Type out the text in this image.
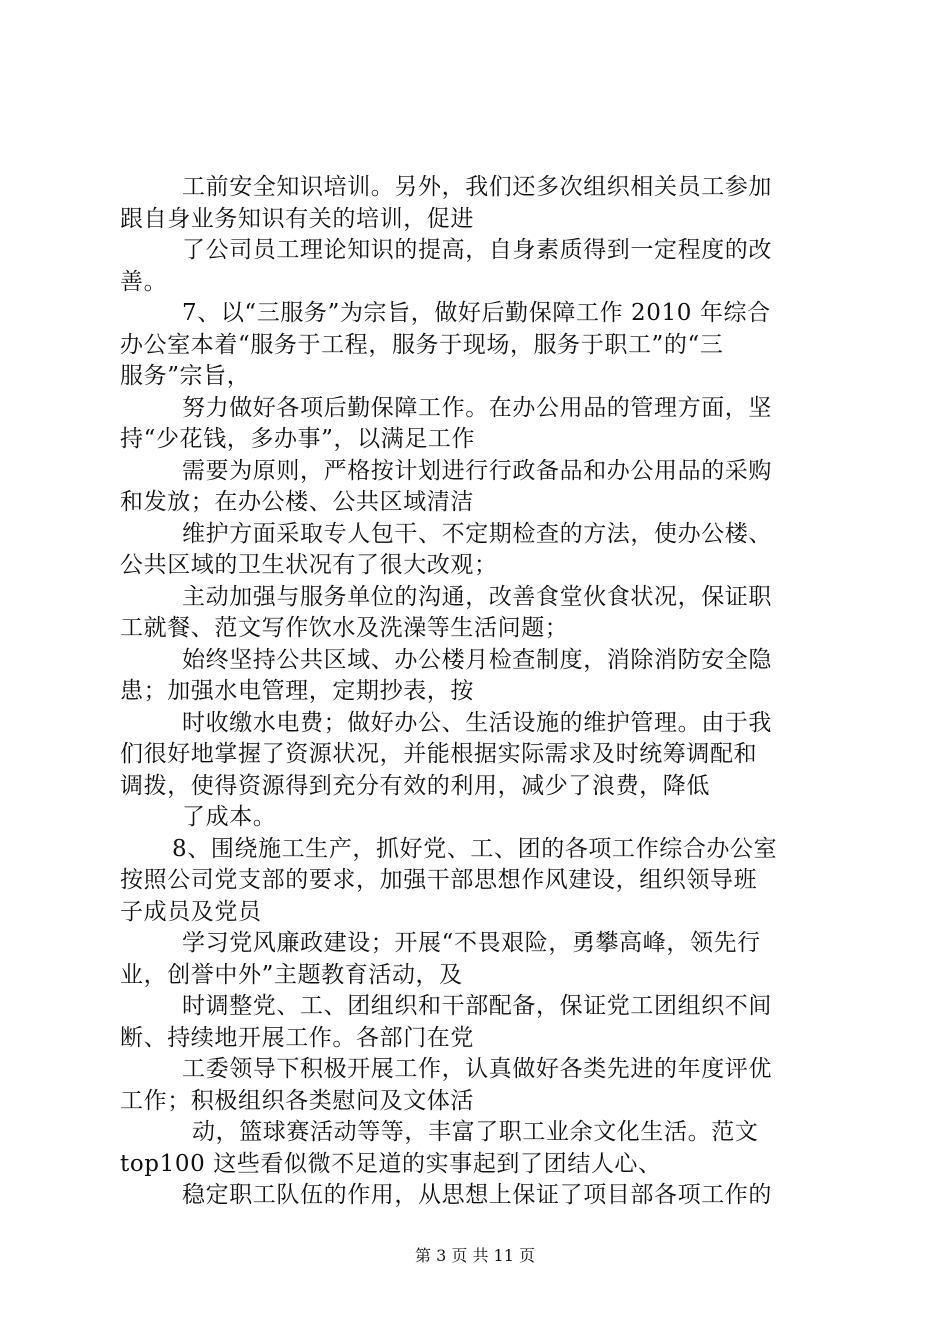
工前安全知识培训。另外，我们还多次组织相关员工参加
跟自身业务知识有关的培训，促进
了公司员工理论知识的提高，自身素质得到一定程度的改
善。
7、以“三服务”为宗旨，做好后勤保障工作 2010 年综合
办公室本着“服务于工程，服务于现场，服务于职工”的“三
服务”宗旨，
努力做好各项后勤保障工作。在办公用品的管理方面，坚
持“少花钱，多办事”，以满足工作
需要为原则，严格按计划进行行政备品和办公用品的采购
和发放；在办公楼、公共区域清洁
维护方面采取专人包干、不定期检查的方法，使办公楼、
公共区域的卫生状况有了很大改观；
主动加强与服务单位的沟通，改善食堂伙食状况，保证职
工就餐、范文写作饮水及洗澡等生活问题；
始终坚持公共区域、办公楼月检查制度，消除消防安全隐
患；加强水电管理，定期抄表，按
时收缴水电费；做好办公、生活设施的维护管理。由于我
们很好地掌握了资源状况，并能根据实际需求及时统筹调配和
调拨，使得资源得到充分有效的利用，减少了浪费，降低
了成本。
8、围绕施工生产，抓好党、工、团的各项工作综合办公室
按照公司党支部的要求，加强干部思想作风建设，组织领导班
子成员及党员
学习党风廉政建设；开展“不畏艰险，勇攀高峰，领先行
业，创誉中外”主题教育活动，及
时调整党、工、团组织和干部配备，保证党工团组织不间
断、持续地开展工作。各部门在党
工委领导下积极开展工作，认真做好各类先进的年度评优
工作；积极组织各类慰问及文体活
动，篮球赛活动等等，丰富了职工业余文化生活。范文
top100 这些看似微不足道的实事起到了团结人心、
稳定职工队伍的作用，从思想上保证了项目部各项工作的
第 3 页 共 11 页
